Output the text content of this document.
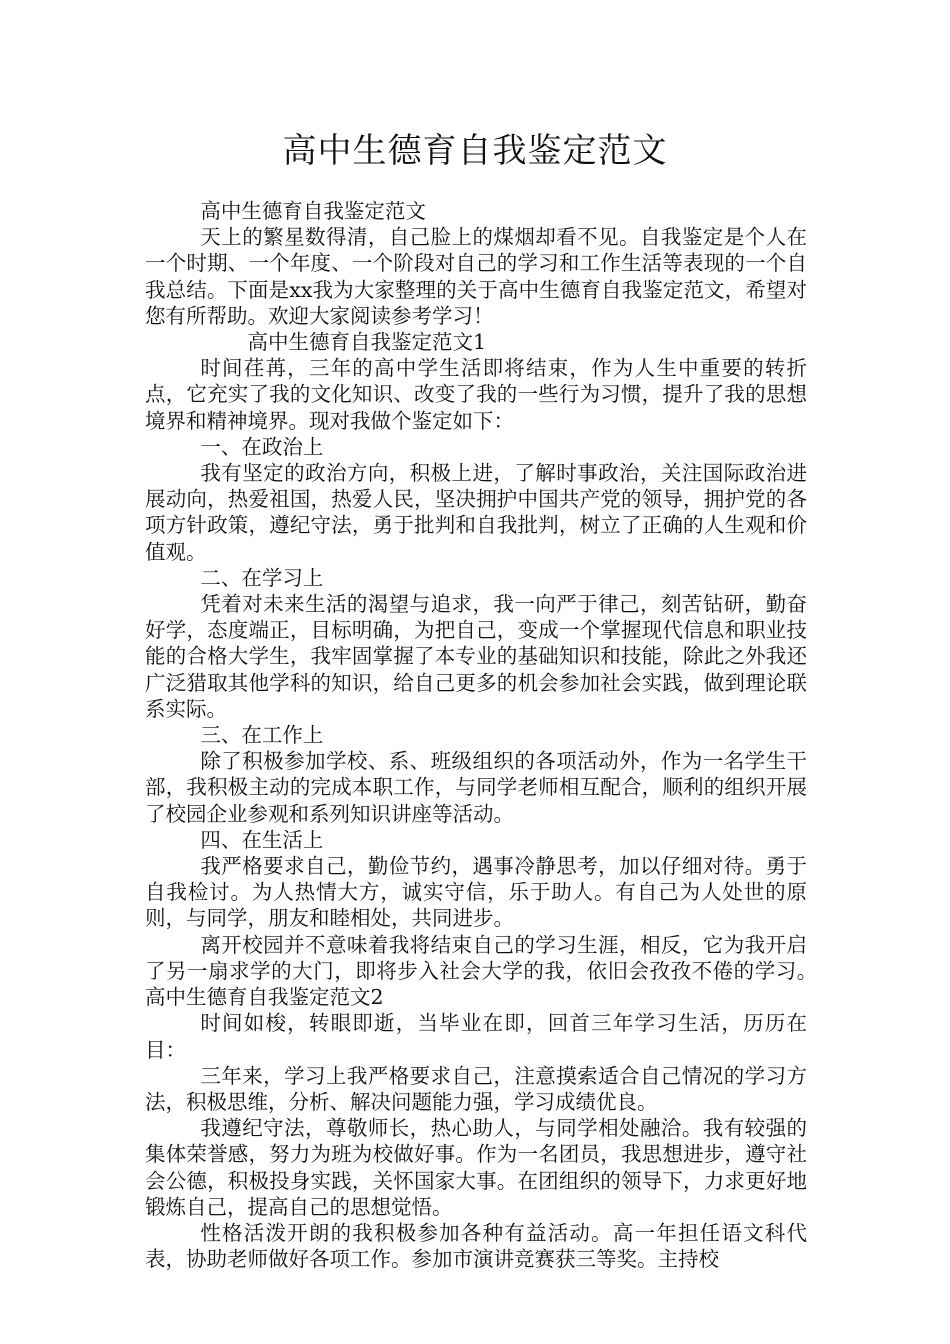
高中生德育自我鉴定范文

高中生德育自我鉴定范文

天上的繁星数得清，自己脸上的煤烟却看不见。自我鉴定是个人在一个时期、一个年度、一个阶段对自己的学习和工作生活等表现的一个自我总结。下面是xx我为大家整理的关于高中生德育自我鉴定范文，希望对您有所帮助。欢迎大家阅读参考学习！

高中生德育自我鉴定范文1

时间荏苒，三年的高中学生活即将结束，作为人生中重要的转折点，它充实了我的文化知识、改变了我的一些行为习惯，提升了我的思想境界和精神境界。现对我做个鉴定如下：

一、在政治上

我有坚定的政治方向，积极上进，了解时事政治，关注国际政治进展动向，热爱祖国，热爱人民，坚决拥护中国共产党的领导，拥护党的各项方针政策，遵纪守法，勇于批判和自我批判，树立了正确的人生观和价值观。

二、在学习上

凭着对未来生活的渴望与追求，我一向严于律己，刻苦钻研，勤奋好学，态度端正，目标明确，为把自己，变成一个掌握现代信息和职业技能的合格大学生，我牢固掌握了本专业的基础知识和技能，除此之外我还广泛猎取其他学科的知识，给自己更多的机会参加社会实践，做到理论联系实际。

三、在工作上

除了积极参加学校、系、班级组织的各项活动外，作为一名学生干部，我积极主动的完成本职工作，与同学老师相互配合，顺利的组织开展了校园企业参观和系列知识讲座等活动。

四、在生活上

我严格要求自己，勤俭节约，遇事冷静思考，加以仔细对待。勇于自我检讨。为人热情大方，诚实守信，乐于助人。有自己为人处世的原则，与同学，朋友和睦相处，共同进步。

离开校园并不意味着我将结束自己的学习生涯，相反，它为我开启了另一扇求学的大门，即将步入社会大学的我，依旧会孜孜不倦的学习。　　高中生德育自我鉴定范文2

时间如梭，转眼即逝，当毕业在即，回首三年学习生活，历历在目：

三年来，学习上我严格要求自己，注意摸索适合自己情况的学习方法，积极思维，分析、解决问题能力强，学习成绩优良。

我遵纪守法，尊敬师长，热心助人，与同学相处融洽。我有较强的集体荣誉感，努力为班为校做好事。作为一名团员，我思想进步，遵守社会公德，积极投身实践，关怀国家大事。在团组织的领导下，力求更好地锻炼自己，提高自己的思想觉悟。

性格活泼开朗的我积极参加各种有益活动。高一年担任语文科代表，协助老师做好各项工作。参加市演讲竞赛获三等奖。主持校
